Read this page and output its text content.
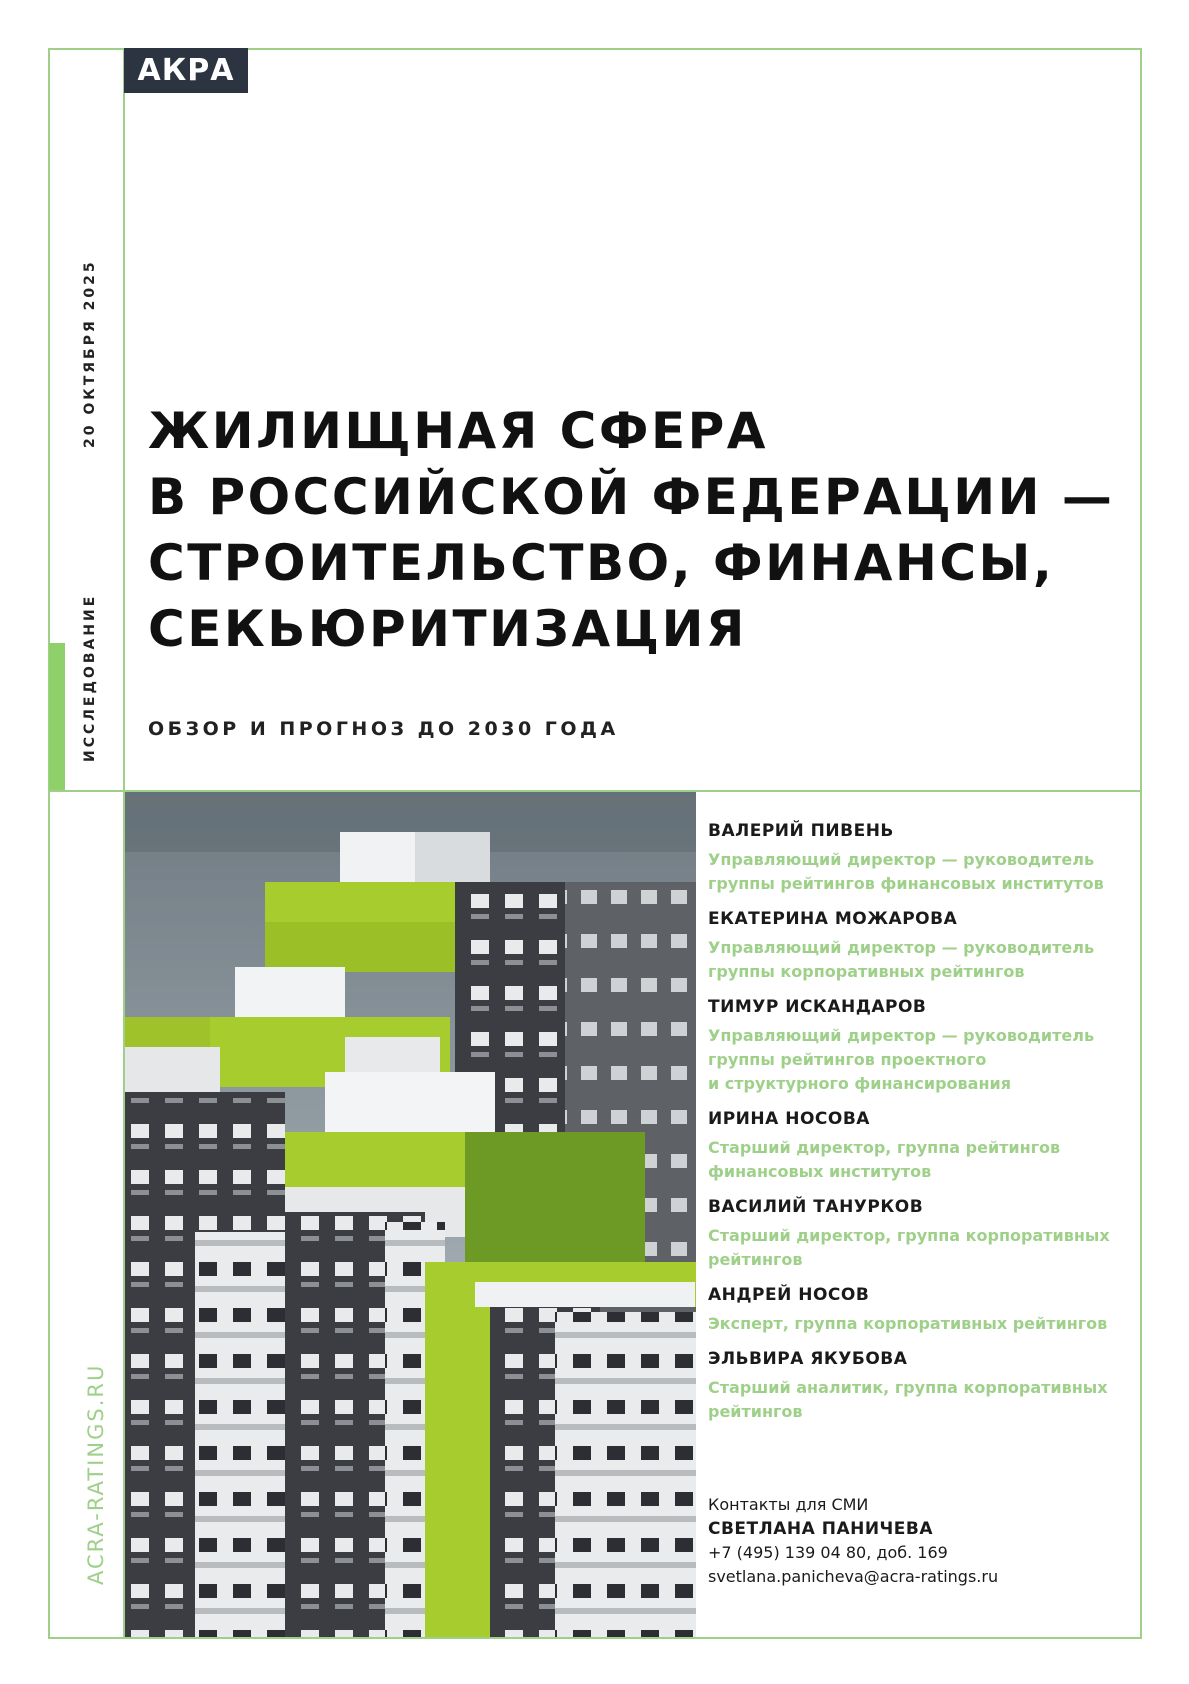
АКРА
20 ОКТЯБРЯ 2025
ИССЛЕДОВАНИЕ
ACRA-RATINGS.RU
ЖИЛИЩНАЯ СФЕРА
В РОССИЙСКОЙ ФЕДЕРАЦИИ —
СТРОИТЕЛЬСТВО, ФИНАНСЫ,
СЕКЬЮРИТИЗАЦИЯ
ОБЗОР И ПРОГНОЗ ДО 2030 ГОДА
ВАЛЕРИЙ ПИВЕНЬ
Управляющий директор — руководитель
группы рейтингов финансовых институтов
ЕКАТЕРИНА МОЖАРОВА
Управляющий директор — руководитель
группы корпоративных рейтингов
ТИМУР ИСКАНДАРОВ
Управляющий директор — руководитель
группы рейтингов проектного
и структурного финансирования
ИРИНА НОСОВА
Старший директор, группа рейтингов
финансовых институтов
ВАСИЛИЙ ТАНУРКОВ
Старший директор, группа корпоративных
рейтингов
АНДРЕЙ НОСОВ
Эксперт, группа корпоративных рейтингов
ЭЛЬВИРА ЯКУБОВА
Старший аналитик, группа корпоративных
рейтингов
Контакты для СМИ
СВЕТЛАНА ПАНИЧЕВА
+7 (495) 139 04 80, доб. 169
svetlana.panicheva@acra-ratings.ru
